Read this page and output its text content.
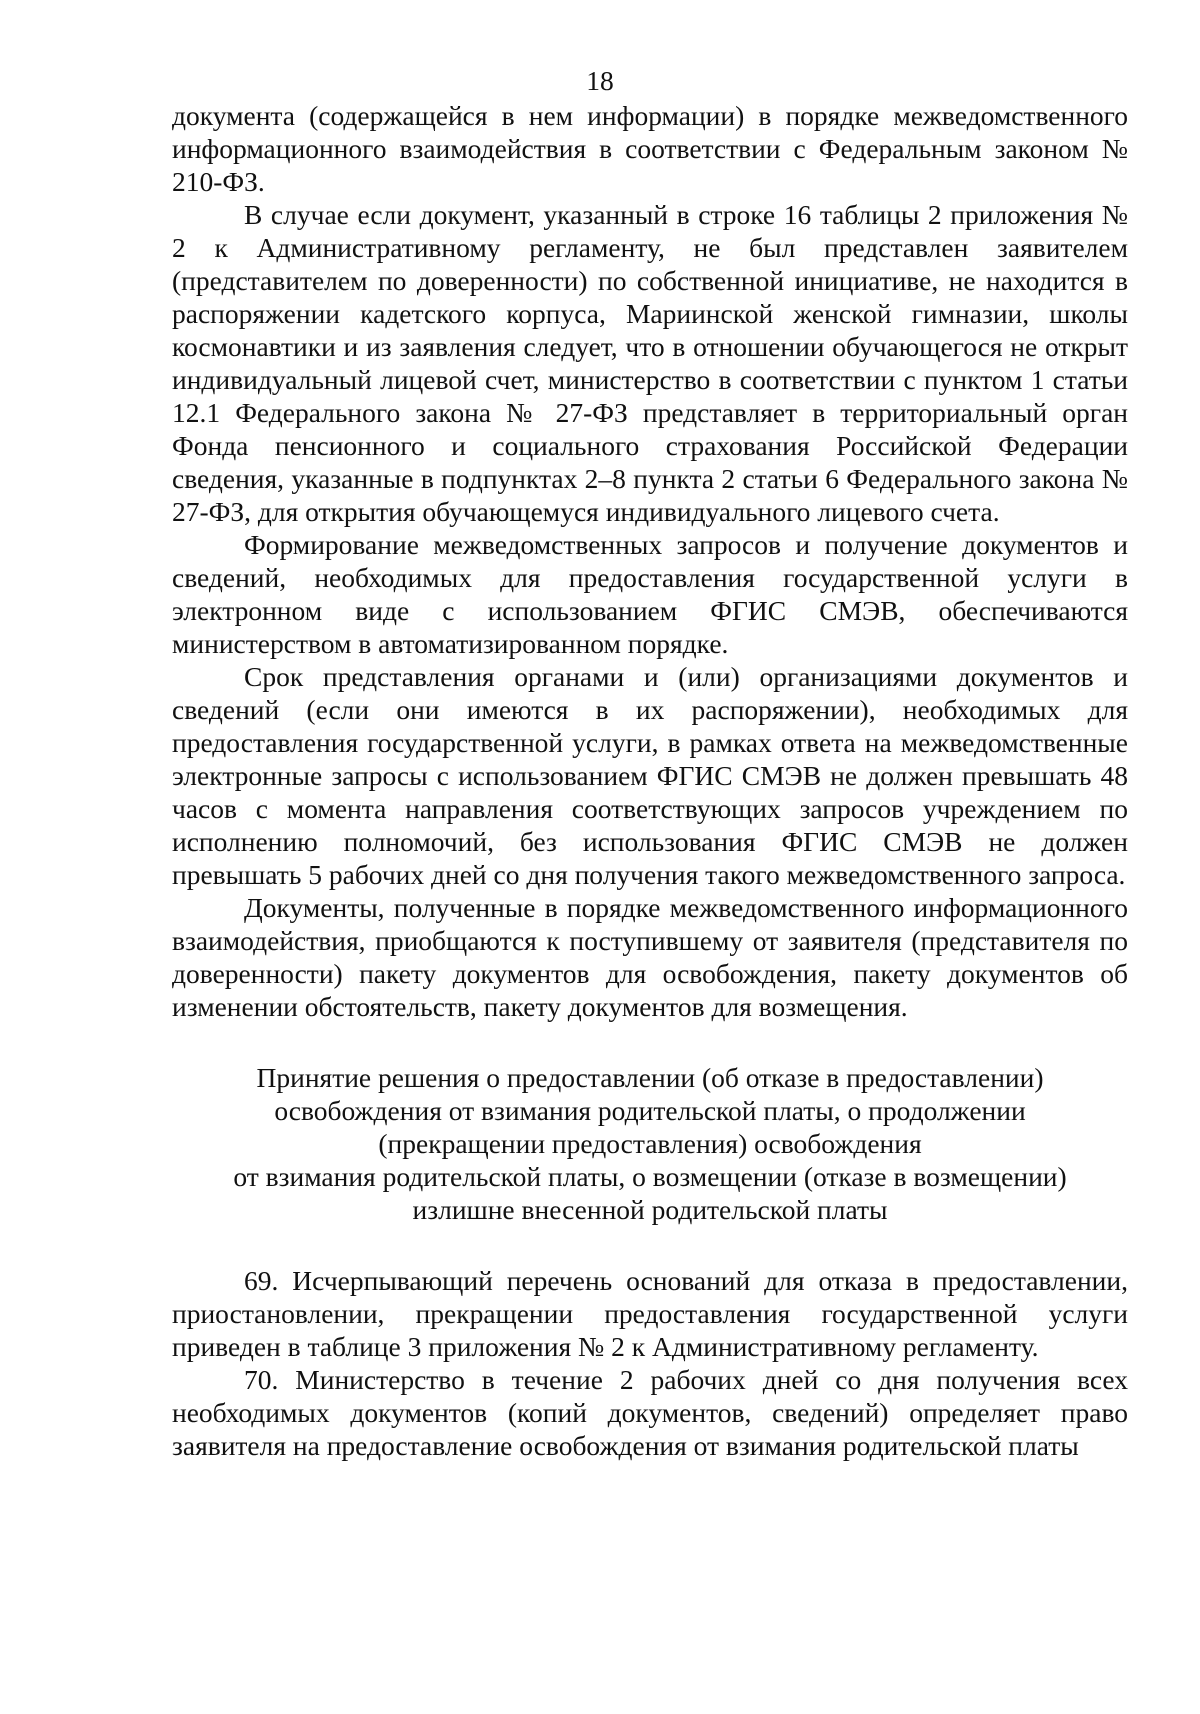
18

документа (содержащейся в нем информации) в порядке межведомственного информационного взаимодействия в соответствии с Федеральным законом № 210-ФЗ.

В случае если документ, указанный в строке 16 таблицы 2 приложения № 2 к Административному регламенту, не был представлен заявителем (представителем по доверенности) по собственной инициативе, не находится в распоряжении кадетского корпуса, Мариинской женской гимназии, школы космонавтики и из заявления следует, что в отношении обучающегося не открыт индивидуальный лицевой счет, министерство в соответствии с пунктом 1 статьи 12.1 Федерального закона № 27-ФЗ представляет в территориальный орган Фонда пенсионного и социального страхования Российской Федерации сведения, указанные в подпунктах 2–8 пункта 2 статьи 6 Федерального закона № 27-ФЗ, для открытия обучающемуся индивидуального лицевого счета.

Формирование межведомственных запросов и получение документов и сведений, необходимых для предоставления государственной услуги в электронном виде с использованием ФГИС СМЭВ, обеспечиваются министерством в автоматизированном порядке.

Срок представления органами и (или) организациями документов и сведений (если они имеются в их распоряжении), необходимых для предоставления государственной услуги, в рамках ответа на межведомственные электронные запросы с использованием ФГИС СМЭВ не должен превышать 48 часов с момента направления соответствующих запросов учреждением по исполнению полномочий, без использования ФГИС СМЭВ не должен превышать 5 рабочих дней со дня получения такого межведомственного запроса.

Документы, полученные в порядке межведомственного информационного взаимодействия, приобщаются к поступившему от заявителя (представителя по доверенности) пакету документов для освобождения, пакету документов об изменении обстоятельств, пакету документов для возмещения.

Принятие решения о предоставлении (об отказе в предоставлении)
освобождения от взимания родительской платы, о продолжении
(прекращении предоставления) освобождения
от взимания родительской платы, о возмещении (отказе в возмещении)
излишне внесенной родительской платы

69. Исчерпывающий перечень оснований для отказа в предоставлении, приостановлении, прекращении предоставления государственной услуги приведен в таблице 3 приложения № 2 к Административному регламенту.

70. Министерство в течение 2 рабочих дней со дня получения всех необходимых документов (копий документов, сведений) определяет право заявителя на предоставление освобождения от взимания родительской платы
